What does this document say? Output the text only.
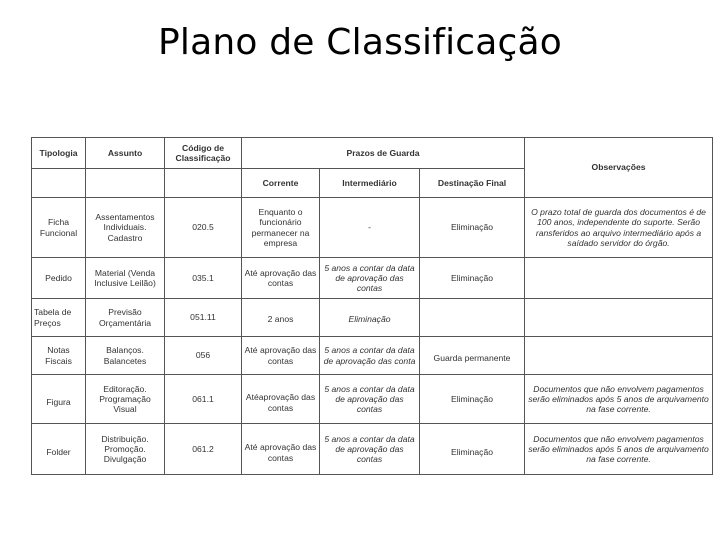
Plano de Classificação
Tipologia	Assunto	Código de Classificação	Prazos de Guarda			Observações
			Corrente	Intermediário	Destinação Final	
Ficha Funcional	Assentamentos Individuais. Cadastro	020.5	Enquanto o funcionário permanecer na empresa	-	Eliminação	O prazo total de guarda dos documentos é de 100 anos, independente do suporte. Serão ransferidos ao arquivo intermediário após a saídado servidor do órgão.
Pedido	Material (Venda Inclusive Leilão)	035.1	Até aprovação das contas	5 anos a contar da data de aprovação das contas	Eliminação	
Tabela de Preços	Previsão Orçamentária	051.11	2 anos	Eliminação		
Notas Fiscais	Balanços. Balancetes	056	Até aprovação das contas	5 anos a contar da data de aprovação das conta	Guarda permanente	
Figura	Editoração. Programação Visual	061.1	Atéaprovação das contas	5 anos a contar da data de aprovação das contas	Eliminação	Documentos que não envolvem pagamentos serão eliminados após 5 anos de arquivamento na fase corrente.
Folder	Distribuição. Promoção. Divulgação	061.2	Até aprovação das contas	5 anos a contar da data de aprovação das contas	Eliminação	Documentos que não envolvem pagamentos serão eliminados após 5 anos de arquivamento na fase corrente.
